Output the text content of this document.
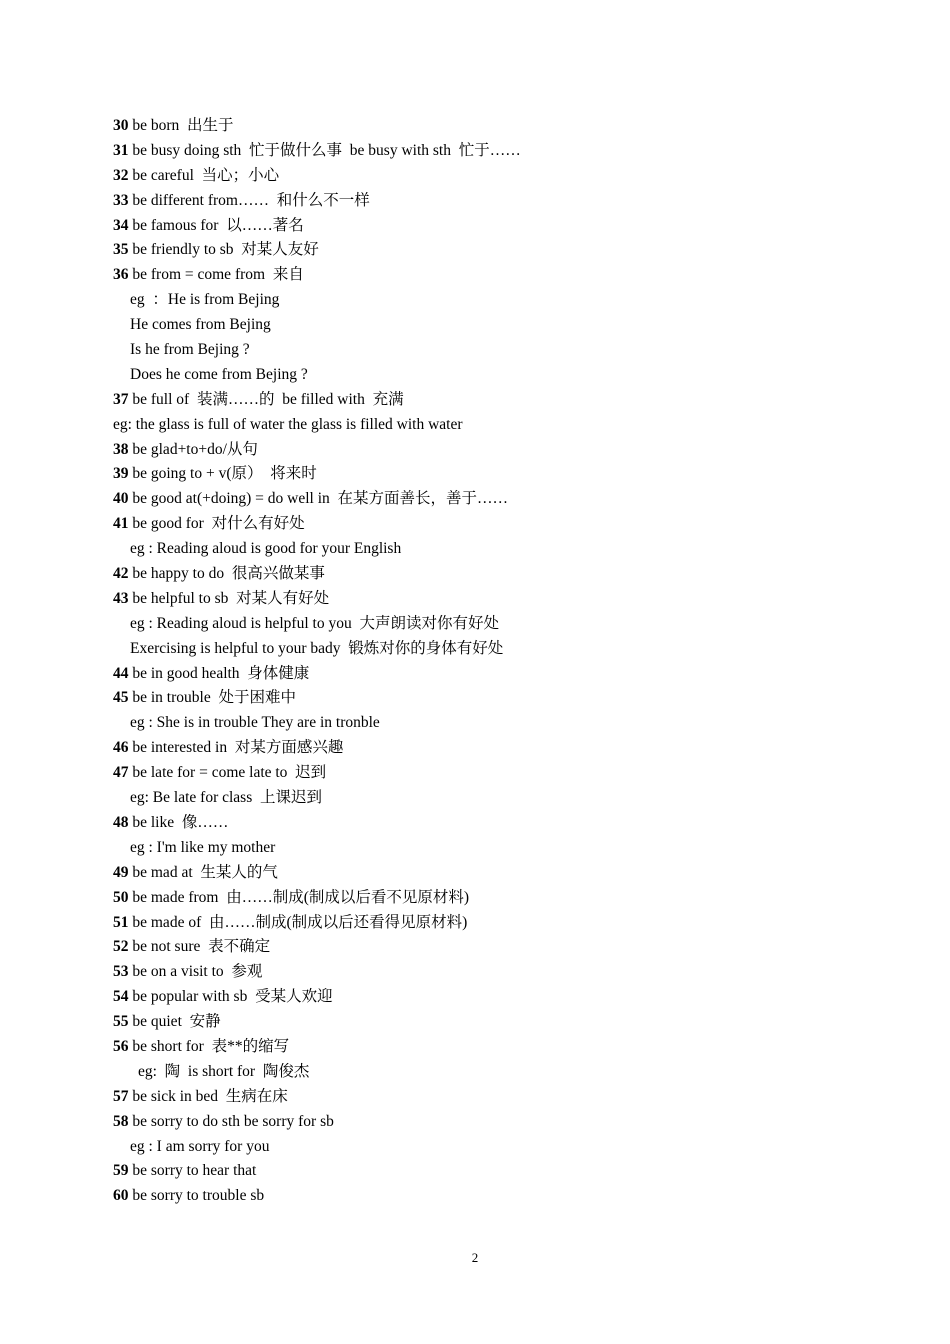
30 be born  出生于
31 be busy doing sth  忙于做什么事  be busy with sth  忙于……
32 be careful  当心；小心
33 be different from……  和什么不一样
34 be famous for  以……著名
35 be friendly to sb  对某人友好
36 be from = come from  来自
eg  ：He is from Bejing
He comes from Bejing
Is he from Bejing ?
Does he come from Bejing ?
37 be full of  装满……的  be filled with  充满
eg: the glass is full of water the glass is filled with water
38 be glad+to+do/从句
39 be going to + v(原）  将来时
40 be good at(+doing) = do well in  在某方面善长，善于……
41 be good for  对什么有好处
eg : Reading aloud is good for your English
42 be happy to do  很高兴做某事
43 be helpful to sb  对某人有好处
eg : Reading aloud is helpful to you  大声朗读对你有好处
Exercising is helpful to your bady  锻炼对你的身体有好处
44 be in good health  身体健康
45 be in trouble  处于困难中
eg : She is in trouble They are in tronble
46 be interested in  对某方面感兴趣
47 be late for = come late to  迟到
eg: Be late for class  上课迟到
48 be like  像……
eg : I'm like my mother
49 be mad at  生某人的气
50 be made from  由……制成(制成以后看不见原材料)
51 be made of  由……制成(制成以后还看得见原材料)
52 be not sure  表不确定
53 be on a visit to  参观
54 be popular with sb  受某人欢迎
55 be quiet  安静
56 be short for  表**的缩写
eg:  陶  is short for  陶俊杰
57 be sick in bed  生病在床
58 be sorry to do sth be sorry for sb
eg : I am sorry for you
59 be sorry to hear that
60 be sorry to trouble sb
2
